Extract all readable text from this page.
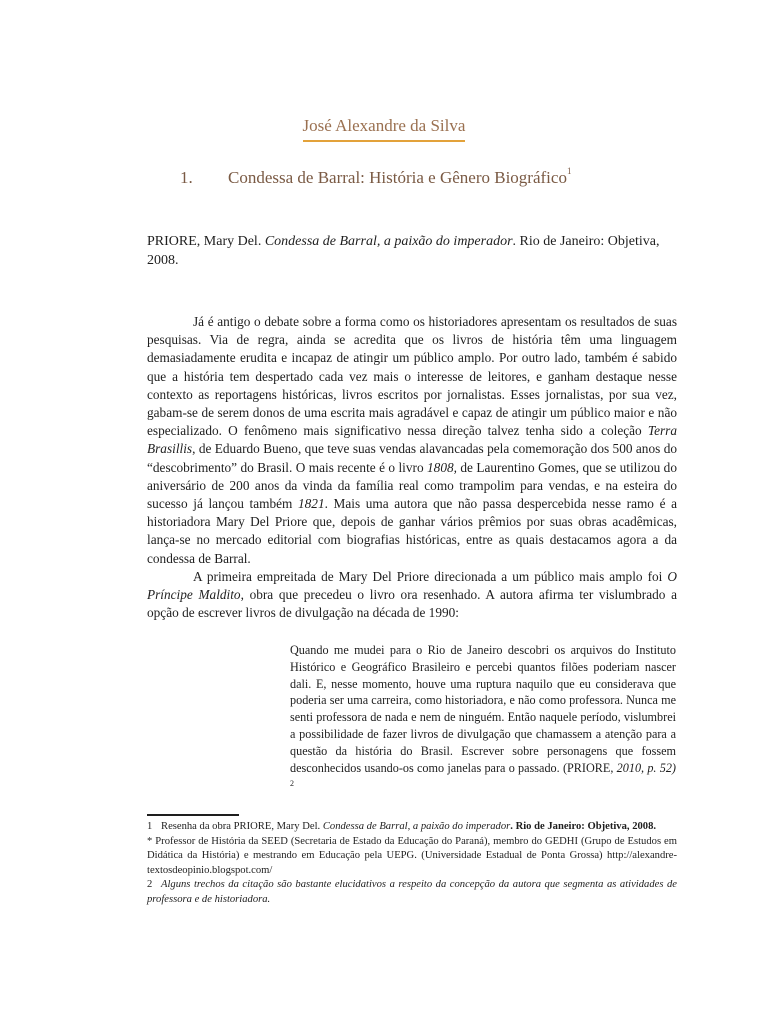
José Alexandre da Silva
1. Condessa de Barral: História e Gênero Biográfico$^1$
PRIORE, Mary Del. Condessa de Barral, a paixão do imperador. Rio de Janeiro: Objetiva, 2008.

Já é antigo o debate sobre a forma como os historiadores apresentam os resultados de suas pesquisas. Via de regra, ainda se acredita que os livros de história têm uma linguagem demasiadamente erudita e incapaz de atingir um público amplo. Por outro lado, também é sabido que a história tem despertado cada vez mais o interesse de leitores, e ganham destaque nesse contexto as reportagens históricas, livros escritos por jornalistas. Esses jornalistas, por sua vez, gabam-se de serem donos de uma escrita mais agradável e capaz de atingir um público maior e não especializado. O fenômeno mais significativo nessa direção talvez tenha sido a coleção Terra Brasillis, de Eduardo Bueno, que teve suas vendas alavancadas pela comemoração dos 500 anos do “descobrimento” do Brasil. O mais recente é o livro 1808, de Laurentino Gomes, que se utilizou do aniversário de 200 anos da vinda da família real como trampolim para vendas, e na esteira do sucesso já lançou também 1821. Mais uma autora que não passa despercebida nesse ramo é a historiadora Mary Del Priore que, depois de ganhar vários prêmios por suas obras acadêmicas, lança-se no mercado editorial com biografias históricas, entre as quais destacamos agora a da condessa de Barral.

A primeira empreitada de Mary Del Priore direcionada a um público mais amplo foi O Príncipe Maldito, obra que precedeu o livro ora resenhado. A autora afirma ter vislumbrado a opção de escrever livros de divulgação na década de 1990:

Quando me mudei para o Rio de Janeiro descobri os arquivos do Instituto Histórico e Geográfico Brasileiro e percebi quantos filões poderiam nascer dali. E, nesse momento, houve uma ruptura naquilo que eu considerava que poderia ser uma carreira, como historiadora, e não como professora. Nunca me senti professora de nada e nem de ninguém. Então naquele período, vislumbrei a possibilidade de fazer livros de divulgação que chamassem a atenção para a questão da história do Brasil. Escrever sobre personagens que fossem desconhecidos usando-os como janelas para o passado. (PRIORE, 2010, p. 52) $^2$

1 Resenha da obra PRIORE, Mary Del. Condessa de Barral, a paixão do imperador. Rio de Janeiro: Objetiva, 2008.

* Professor de História da SEED (Secretaria de Estado da Educação do Paraná), membro do GEDHI (Grupo de Estudos em Didática da História) e mestrando em Educação pela UEPG. (Universidade Estadual de Ponta Grossa) http://alexandre-textosdeopinio.blogspot.com/

2 Alguns trechos da citação são bastante elucidativos a respeito da concepção da autora que segmenta as atividades de professora e de historiadora.
